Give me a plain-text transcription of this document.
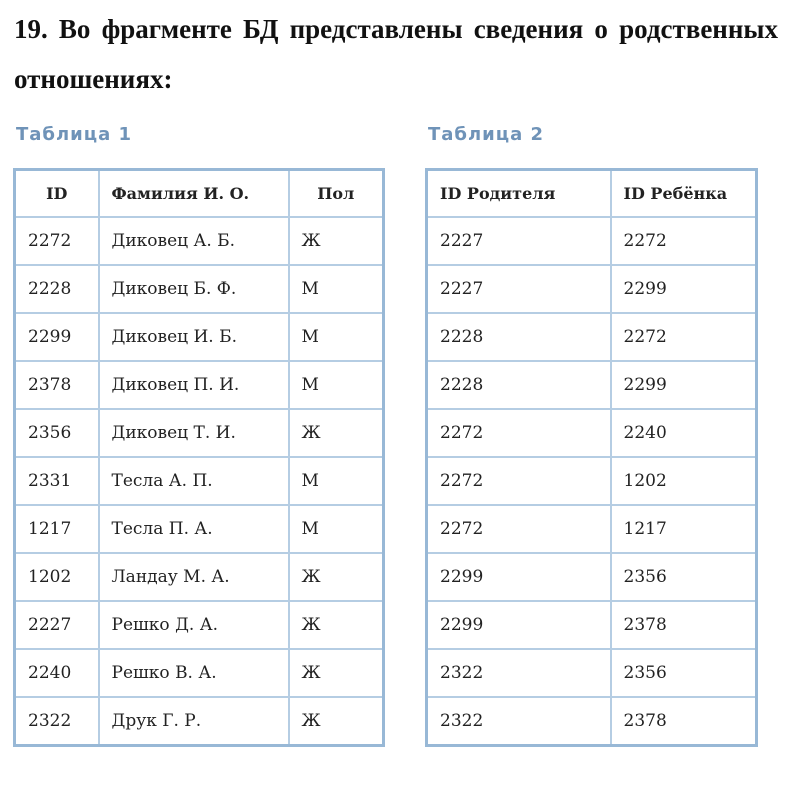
19. Во фрагменте БД представлены сведения о родственных отношениях:
Таблица 1	Таблица 2
ID	Фамилия И. О.	Пол
2272	Диковец А. Б.	Ж
2228	Диковец Б. Ф.	М
2299	Диковец И. Б.	М
2378	Диковец П. И.	М
2356	Диковец Т. И.	Ж
2331	Тесла А. П.	М
1217	Тесла П. А.	М
1202	Ландау М. А.	Ж
2227	Решко Д. А.	Ж
2240	Решко В. А.	Ж
2322	Друк Г. Р.	Ж
ID Родителя	ID Ребёнка
2227	2272
2227	2299
2228	2272
2228	2299
2272	2240
2272	1202
2272	1217
2299	2356
2299	2378
2322	2356
2322	2378
